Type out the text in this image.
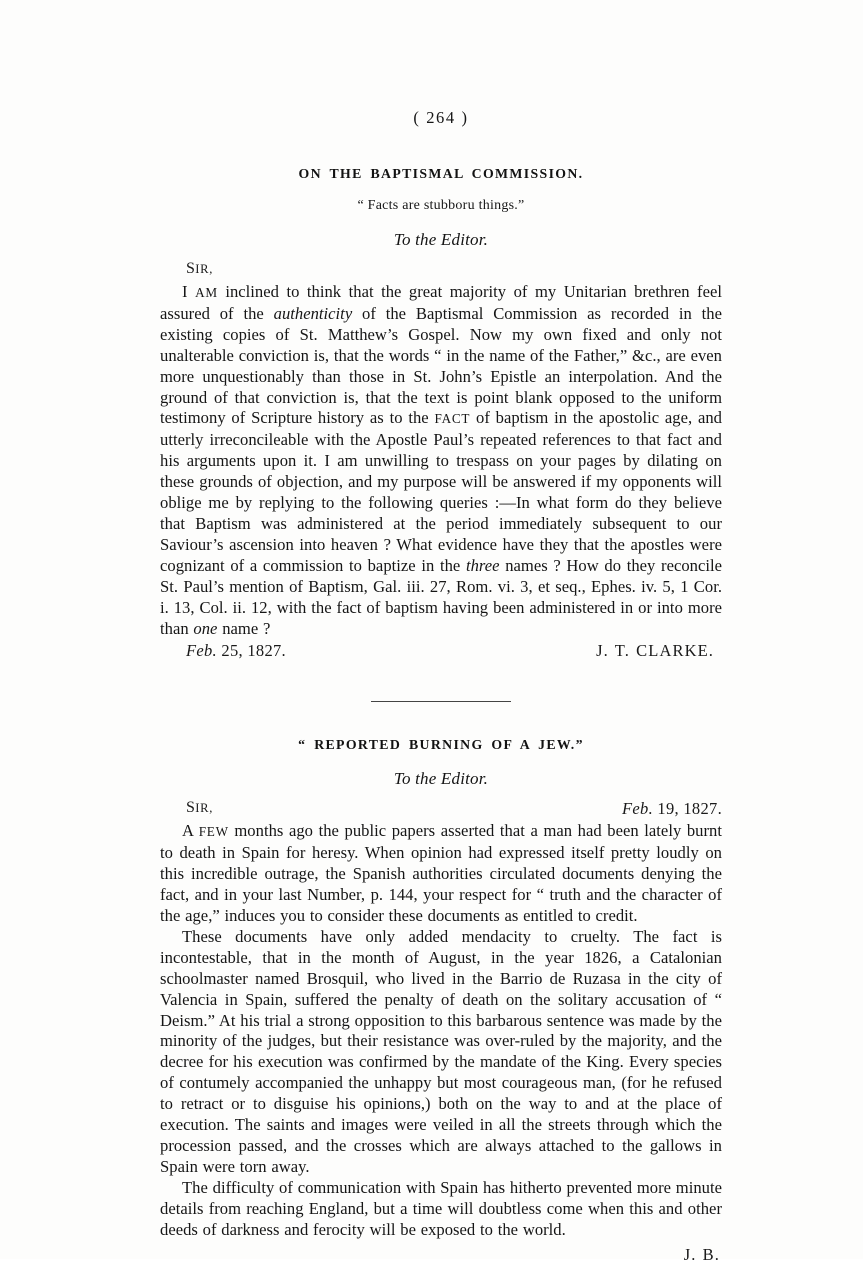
( 264 )
ON THE BAPTISMAL COMMISSION.
“ Facts are stubboru things.”
To the Editor.
SIR,

I AM inclined to think that the great majority of my Unitarian brethren feel assured of the authenticity of the Baptismal Commission as recorded in the existing copies of St. Matthew’s Gospel. Now my own fixed and only not unalterable conviction is, that the words “ in the name of the Father,” &c., are even more unquestionably than those in St. John’s Epistle an interpolation. And the ground of that conviction is, that the text is point blank opposed to the uniform testimony of Scripture history as to the FACT of baptism in the apostolic age, and utterly irreconcileable with the Apostle Paul’s repeated references to that fact and his arguments upon it. I am unwilling to trespass on your pages by dilating on these grounds of objection, and my purpose will be answered if my opponents will oblige me by replying to the following queries :—In what form do they believe that Baptism was administered at the period immediately subsequent to our Saviour’s ascension into heaven ? What evidence have they that the apostles were cognizant of a commission to baptize in the three names ? How do they reconcile St. Paul’s mention of Baptism, Gal. iii. 27, Rom. vi. 3, et seq., Ephes. iv. 5, 1 Cor. i. 13, Col. ii. 12, with the fact of baptism having been administered in or into more than one name ?

Feb. 25, 1827.	J. T. CLARKE.
“ REPORTED BURNING OF A JEW.”
To the Editor.
SIR,	Feb. 19, 1827.

A FEW months ago the public papers asserted that a man had been lately burnt to death in Spain for heresy. When opinion had expressed itself pretty loudly on this incredible outrage, the Spanish authorities circulated documents denying the fact, and in your last Number, p. 144, your respect for “ truth and the character of the age,” induces you to consider these documents as entitled to credit.

These documents have only added mendacity to cruelty. The fact is incontestable, that in the month of August, in the year 1826, a Catalonian schoolmaster named Brosquil, who lived in the Barrio de Ruzasa in the city of Valencia in Spain, suffered the penalty of death on the solitary accusation of “ Deism.” At his trial a strong opposition to this barbarous sentence was made by the minority of the judges, but their resistance was over-ruled by the majority, and the decree for his execution was confirmed by the mandate of the King. Every species of contumely accompanied the unhappy but most courageous man, (for he refused to retract or to disguise his opinions,) both on the way to and at the place of execution. The saints and images were veiled in all the streets through which the procession passed, and the crosses which are always attached to the gallows in Spain were torn away.

The difficulty of communication with Spain has hitherto prevented more minute details from reaching England, but a time will doubtless come when this and other deeds of darkness and ferocity will be exposed to the world.

J. B.
